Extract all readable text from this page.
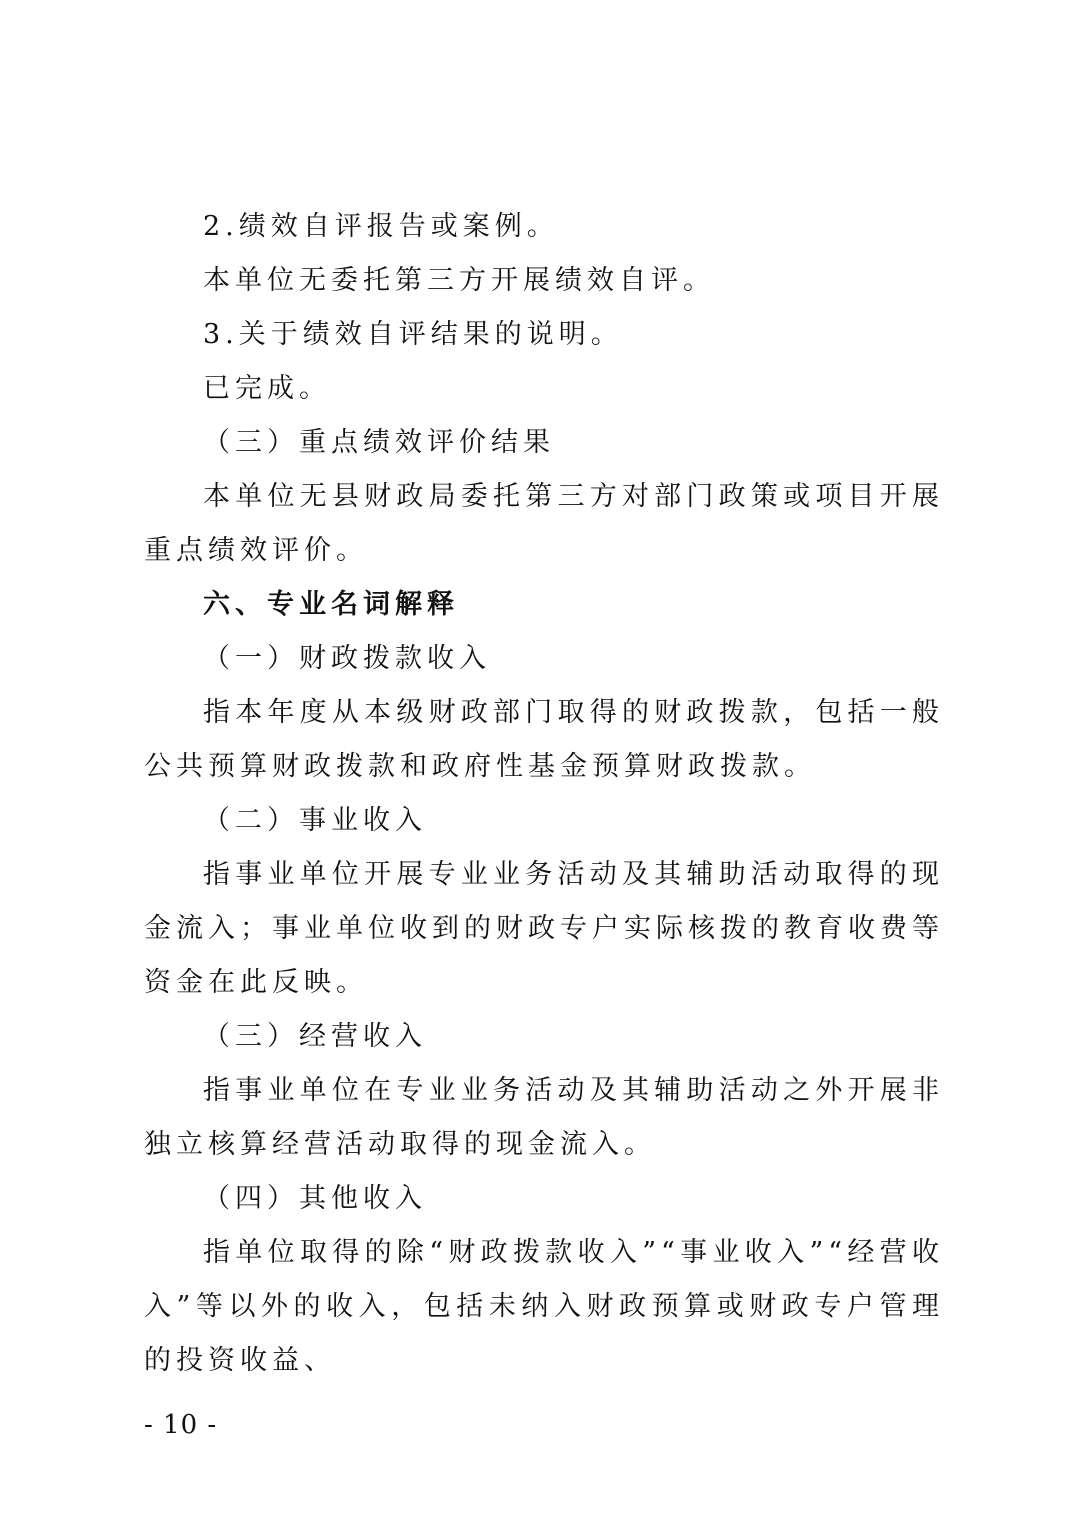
2.绩效自评报告或案例。

本单位无委托第三方开展绩效自评。

3.关于绩效自评结果的说明。

已完成。

（三）重点绩效评价结果

本单位无县财政局委托第三方对部门政策或项目开展重点绩效评价。

六、专业名词解释

（一）财政拨款收入

指本年度从本级财政部门取得的财政拨款，包括一般公共预算财政拨款和政府性基金预算财政拨款。

（二）事业收入

指事业单位开展专业业务活动及其辅助活动取得的现金流入；事业单位收到的财政专户实际核拨的教育收费等资金在此反映。

（三）经营收入

指事业单位在专业业务活动及其辅助活动之外开展非独立核算经营活动取得的现金流入。

（四）其他收入

指单位取得的除“财政拨款收入”“事业收入”“经营收入”等以外的收入，包括未纳入财政预算或财政专户管理的投资收益、

- 10 -
